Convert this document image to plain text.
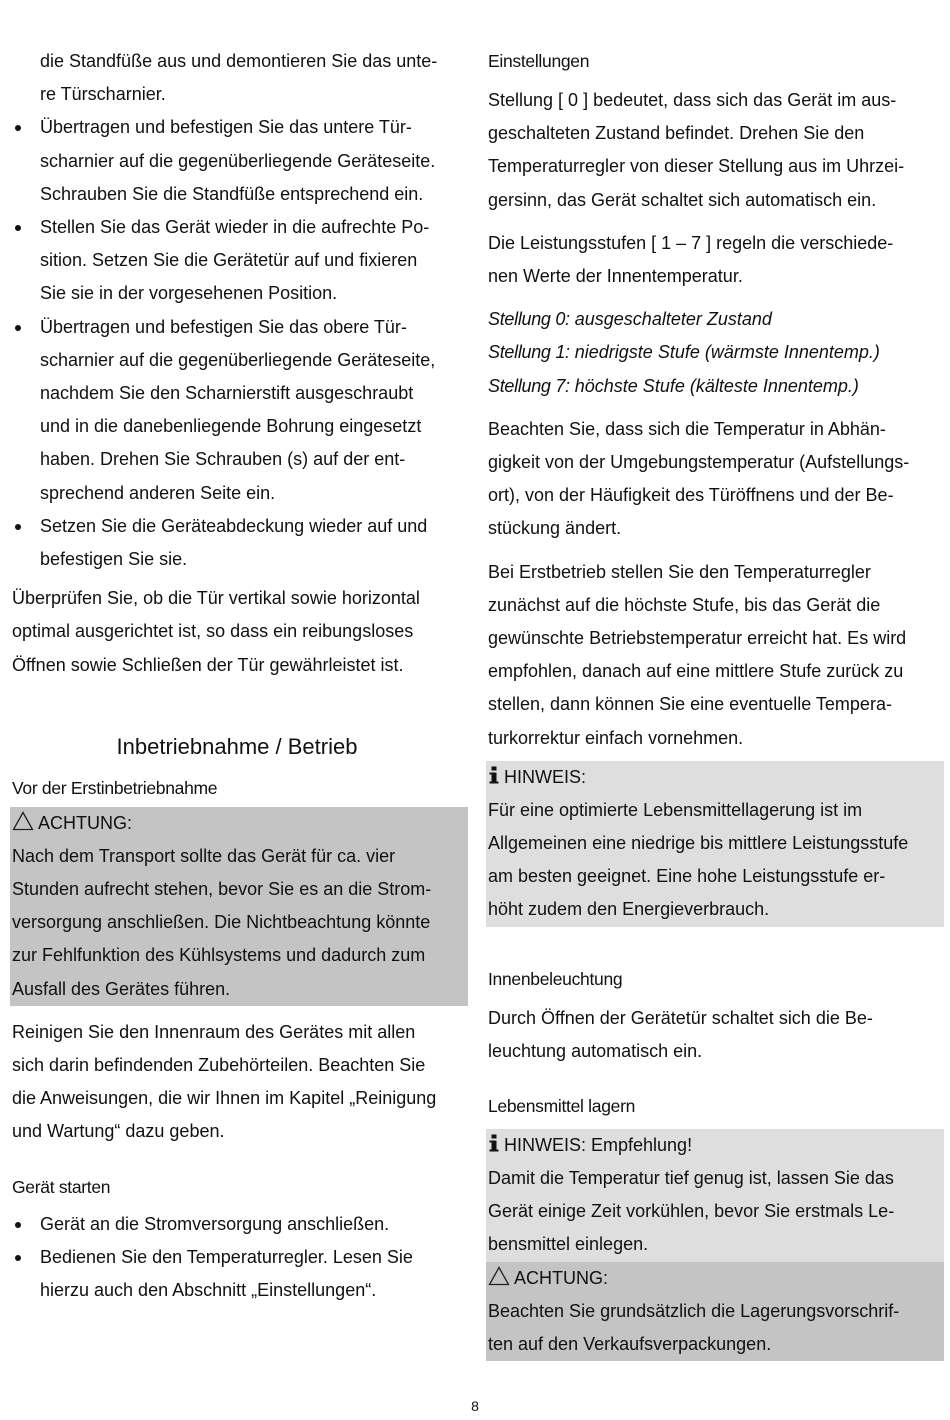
die Standfüße aus und demontieren Sie das unte-
re Türscharnier.
Übertragen und befestigen Sie das untere Tür-
scharnier auf die gegenüberliegende Geräteseite.
Schrauben Sie die Standfüße entsprechend ein.
Stellen Sie das Gerät wieder in die aufrechte Po-
sition. Setzen Sie die Gerätetür auf und fixieren
Sie sie in der vorgesehenen Position.
Übertragen und befestigen Sie das obere Tür-
scharnier auf die gegenüberliegende Geräteseite,
nachdem Sie den Scharnierstift ausgeschraubt
und in die danebenliegende Bohrung eingesetzt
haben. Drehen Sie Schrauben (s) auf der ent-
sprechend anderen Seite ein.
Setzen Sie die Geräteabdeckung wieder auf und
befestigen Sie sie.
Überprüfen Sie, ob die Tür vertikal sowie horizontal
optimal ausgerichtet ist, so dass ein reibungsloses
Öffnen sowie Schließen der Tür gewährleistet ist.
Inbetriebnahme / Betrieb
Vor der Erstinbetriebnahme
ACHTUNG:
Nach dem Transport sollte das Gerät für ca. vier
Stunden aufrecht stehen, bevor Sie es an die Strom-
versorgung anschließen. Die Nichtbeachtung könnte
zur Fehlfunktion des Kühlsystems und dadurch zum
Ausfall des Gerätes führen.
Reinigen Sie den Innenraum des Gerätes mit allen
sich darin befindenden Zubehörteilen. Beachten Sie
die Anweisungen, die wir Ihnen im Kapitel „Reinigung
und Wartung“ dazu geben.
Gerät starten
Gerät an die Stromversorgung anschließen.
Bedienen Sie den Temperaturregler. Lesen Sie
hierzu auch den Abschnitt „Einstellungen“.
Einstellungen
Stellung [ 0 ] bedeutet, dass sich das Gerät im aus-
geschalteten Zustand befindet. Drehen Sie den
Temperaturregler von dieser Stellung aus im Uhrzei-
gersinn, das Gerät schaltet sich automatisch ein.
Die Leistungsstufen [ 1 – 7 ] regeln die verschiede-
nen Werte der Innentemperatur.
Stellung 0: ausgeschalteter Zustand
Stellung 1: niedrigste Stufe (wärmste Innentemp.)
Stellung 7: höchste Stufe (kälteste Innentemp.)
Beachten Sie, dass sich die Temperatur in Abhän-
gigkeit von der Umgebungstemperatur (Aufstellungs-
ort), von der Häufigkeit des Türöffnens und der Be-
stückung ändert.
Bei Erstbetrieb stellen Sie den Temperaturregler
zunächst auf die höchste Stufe, bis das Gerät die
gewünschte Betriebstemperatur erreicht hat. Es wird
empfohlen, danach auf eine mittlere Stufe zurück zu
stellen, dann können Sie eine eventuelle Tempera-
turkorrektur einfach vornehmen.
HINWEIS:
Für eine optimierte Lebensmittellagerung ist im
Allgemeinen eine niedrige bis mittlere Leistungsstufe
am besten geeignet. Eine hohe Leistungsstufe er-
höht zudem den Energieverbrauch.
Innenbeleuchtung
Durch Öffnen der Gerätetür schaltet sich die Be-
leuchtung automatisch ein.
Lebensmittel lagern
HINWEIS: Empfehlung!
Damit die Temperatur tief genug ist, lassen Sie das
Gerät einige Zeit vorkühlen, bevor Sie erstmals Le-
bensmittel einlegen.
ACHTUNG:
Beachten Sie grundsätzlich die Lagerungsvorschrif-
ten auf den Verkaufsverpackungen.
8
